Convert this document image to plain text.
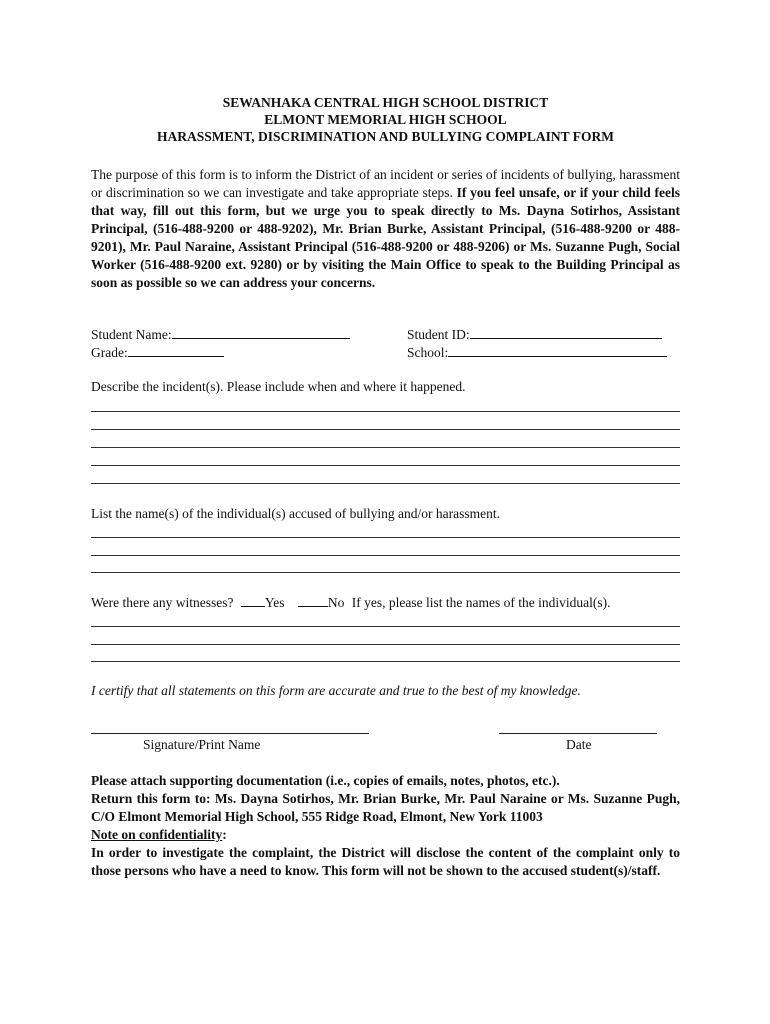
SEWANHAKA CENTRAL HIGH SCHOOL DISTRICT
ELMONT MEMORIAL HIGH SCHOOL
HARASSMENT, DISCRIMINATION AND BULLYING COMPLAINT FORM
The purpose of this form is to inform the District of an incident or series of incidents of bullying, harassment or discrimination so we can investigate and take appropriate steps. If you feel unsafe, or if your child feels that way, fill out this form, but we urge you to speak directly to Ms. Dayna Sotirhos, Assistant Principal, (516-488-9200 or 488-9202), Mr. Brian Burke, Assistant Principal, (516-488-9200 or 488-9201), Mr. Paul Naraine, Assistant Principal (516-488-9200 or 488-9206) or Ms. Suzanne Pugh, Social Worker (516-488-9200 ext. 9280) or by visiting the Main Office to speak to the Building Principal as soon as possible so we can address your concerns.
Student Name:
Grade:
Student ID:
School:
Describe the incident(s). Please include when and where it happened.
List the name(s) of the individual(s) accused of bullying and/or harassment.
Were there any witnesses? Yes	No If yes, please list the names of the individual(s).
I certify that all statements on this form are accurate and true to the best of my knowledge.
Signature/Print Name	Date
Please attach supporting documentation (i.e., copies of emails, notes, photos, etc.).
Return this form to: Ms. Dayna Sotirhos, Mr. Brian Burke, Mr. Paul Naraine or Ms. Suzanne Pugh, C/O Elmont Memorial High School, 555 Ridge Road, Elmont, New York 11003
Note on confidentiality:
In order to investigate the complaint, the District will disclose the content of the complaint only to those persons who have a need to know. This form will not be shown to the accused student(s)/staff.
